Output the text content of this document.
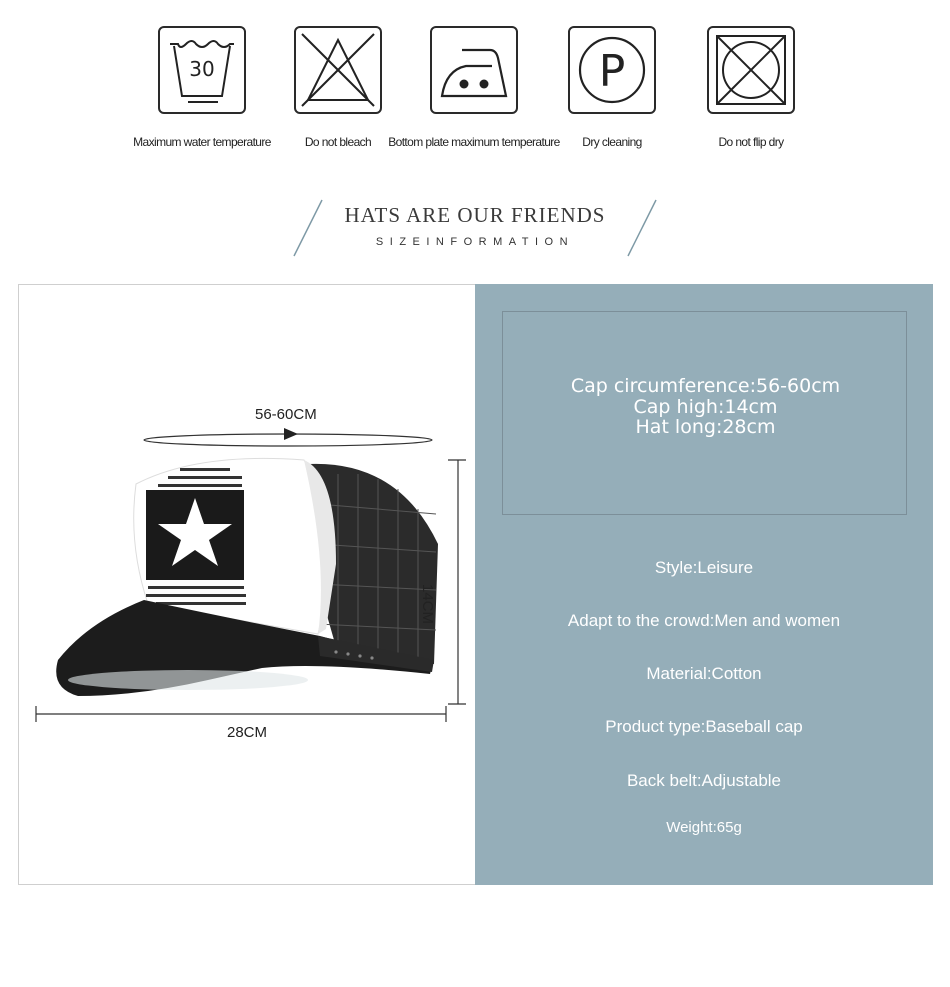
30
Maximum water temperature	Do not bleach	Bottom plate maximum temperature
P
Dry cleaning	Do not flip dry
HATS ARE OUR FRIENDS
SIZEINFORMATION
56-60CM
14CM
28CM
Cap circumference:56-60cm
Cap high:14cm
Hat long:28cm
Style:Leisure
Adapt to the crowd:Men and women
Material:Cotton
Product type:Baseball cap
Back belt:Adjustable
Weight:65g
